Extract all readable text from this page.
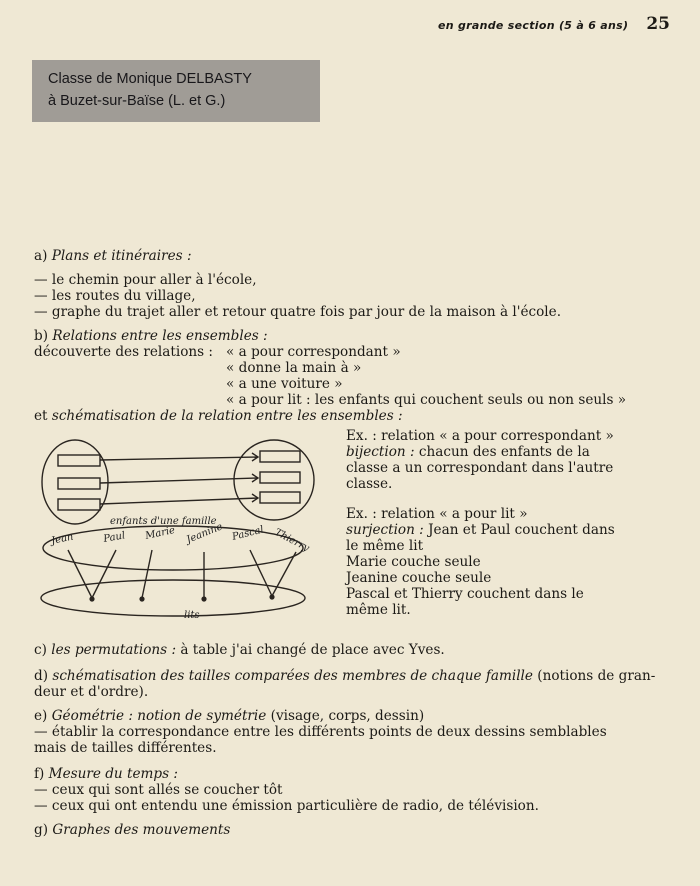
en grande section (5 à 6 ans) 25
Classe de Monique DELBASTY
à Buzet-sur-Baïse (L. et G.)
a) Plans et itinéraires :
— le chemin pour aller à l'école,
— les routes du village,
— graphe du trajet aller et retour quatre fois par jour de la maison à l'école.
b) Relations entre les ensembles :
découverte des relations : « a pour correspondant »
« donne la main à »
« a une voiture »
« a pour lit : les enfants qui couchent seuls ou non seuls »
et schématisation de la relation entre les ensembles :
Ex. : relation « a pour correspondant »
bijection : chacun des enfants de la
classe a un correspondant dans l'autre
classe.
Ex. : relation « a pour lit »
surjection : Jean et Paul couchent dans
le même lit
Marie couche seule
Jeanine couche seule
Pascal et Thierry couchent dans le
même lit.
enfants d'une famille
lits
Jean	Paul Marie Jeanine Pascal Thierry
c) les permutations : à table j'ai changé de place avec Yves.
d) schématisation des tailles comparées des membres de chaque famille (notions de gran-
deur et d'ordre).
e) Géométrie : notion de symétrie (visage, corps, dessin)
— établir la correspondance entre les différents points de deux dessins semblables
mais de tailles différentes.
f) Mesure du temps :
— ceux qui sont allés se coucher tôt
— ceux qui ont entendu une émission particulière de radio, de télévision.
g) Graphes des mouvements
